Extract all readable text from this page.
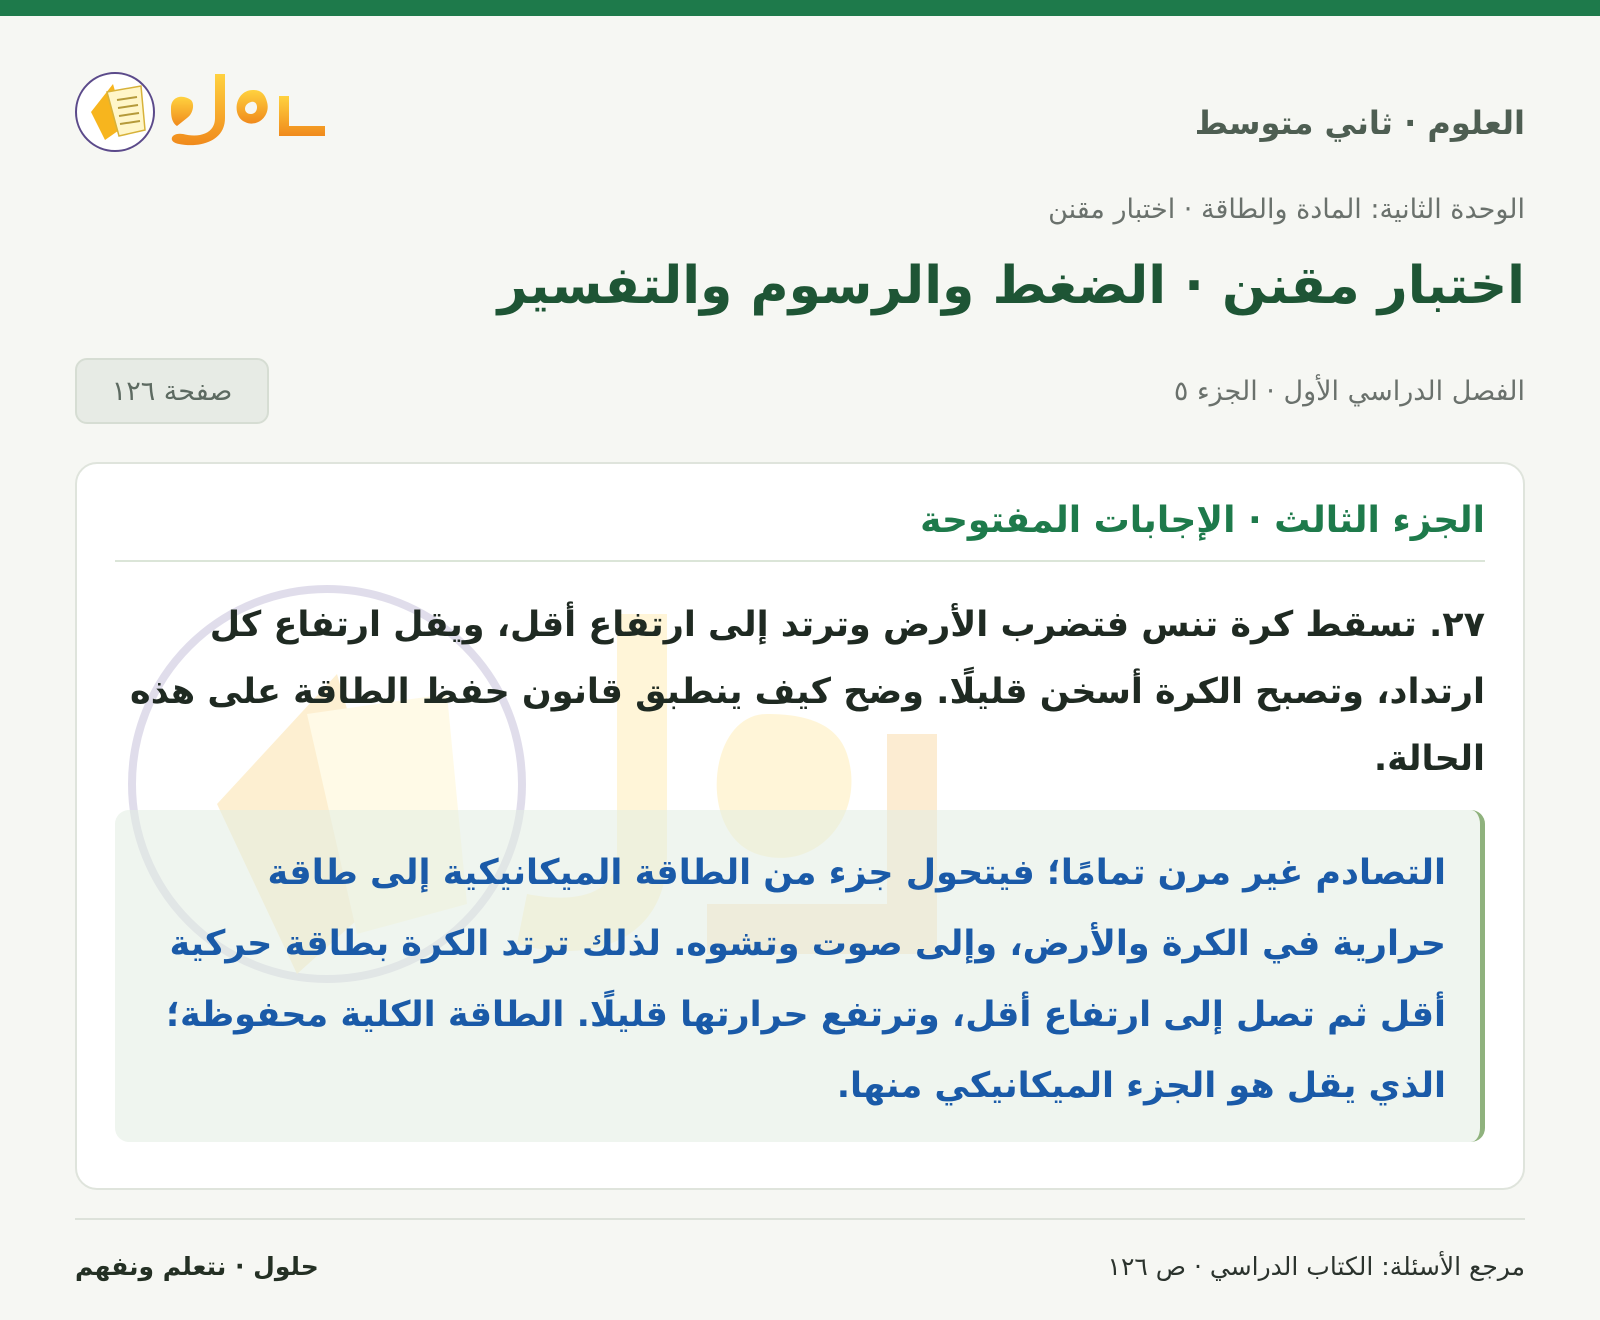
العلوم · ثاني متوسط
الوحدة الثانية: المادة والطاقة · اختبار مقنن
اختبار مقنن · الضغط والرسوم والتفسير
الفصل الدراسي الأول · الجزء ٥
صفحة ١٢٦
الجزء الثالث · الإجابات المفتوحة
٢٧. تسقط كرة تنس فتضرب الأرض وترتد إلى ارتفاع أقل، ويقل ارتفاع كل ارتداد، وتصبح الكرة أسخن قليلًا. وضح كيف ينطبق قانون حفظ الطاقة على هذه الحالة.
التصادم غير مرن تمامًا؛ فيتحول جزء من الطاقة الميكانيكية إلى طاقة حرارية في الكرة والأرض، وإلى صوت وتشوه. لذلك ترتد الكرة بطاقة حركية أقل ثم تصل إلى ارتفاع أقل، وترتفع حرارتها قليلًا. الطاقة الكلية محفوظة؛ الذي يقل هو الجزء الميكانيكي منها.
مرجع الأسئلة: الكتاب الدراسي · ص ١٢٦
حلول · نتعلم ونفهم
